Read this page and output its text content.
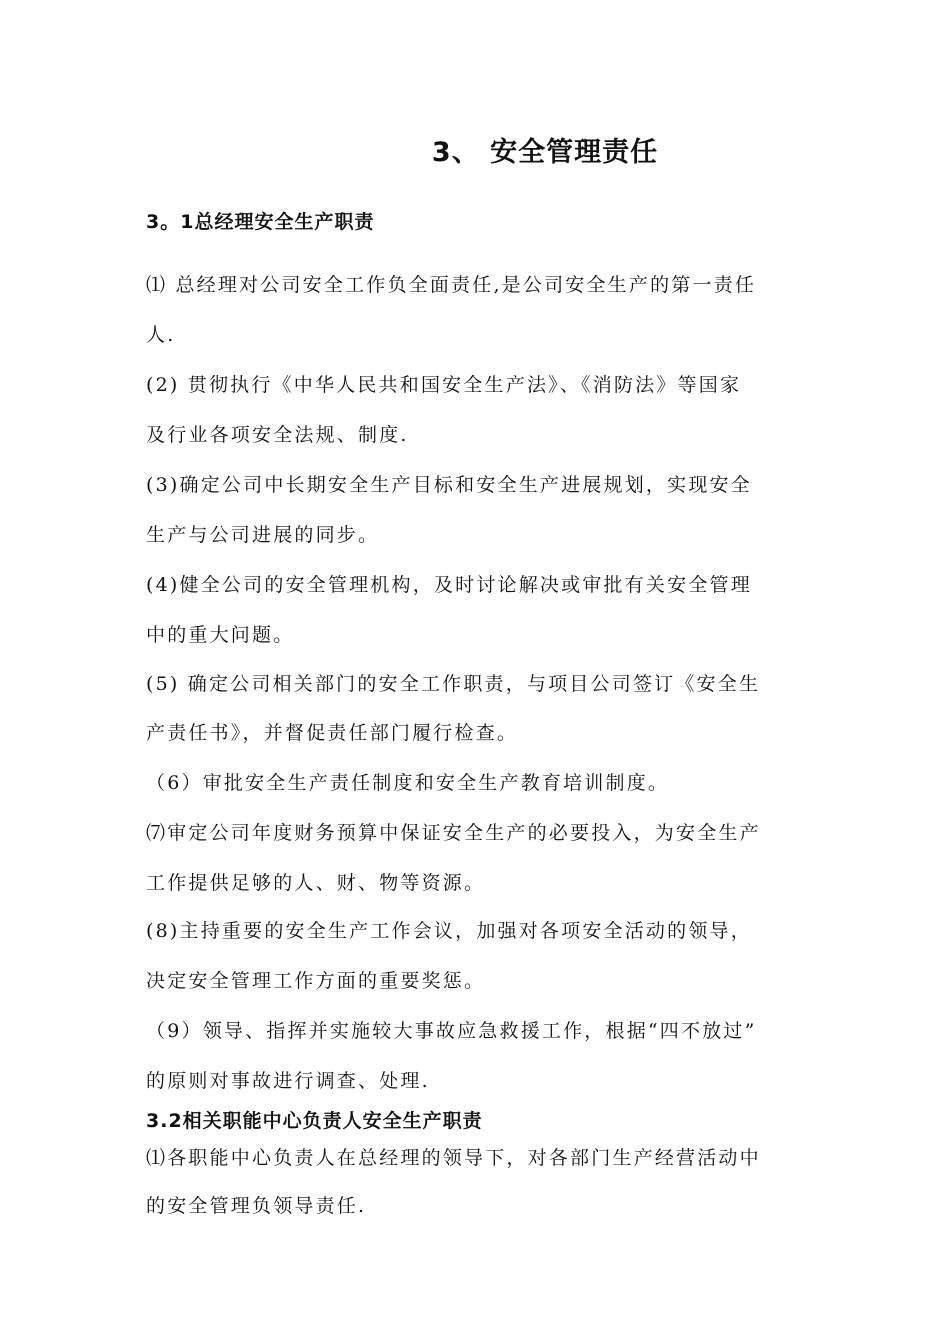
3、 安全管理责任
3。1总经理安全生产职责
⑴ 总经理对公司安全工作负全面责任,是公司安全生产的第一责任
人.
(2) 贯彻执行《中华人民共和国安全生产法》、《消防法》等国家
及行业各项安全法规、制度.
(3)确定公司中长期安全生产目标和安全生产进展规划，实现安全
生产与公司进展的同步。
(4)健全公司的安全管理机构，及时讨论解决或审批有关安全管理
中的重大问题。
(5) 确定公司相关部门的安全工作职责，与项目公司签订《安全生
产责任书》，并督促责任部门履行检查。
（6）审批安全生产责任制度和安全生产教育培训制度。
⑺审定公司年度财务预算中保证安全生产的必要投入，为安全生产
工作提供足够的人、财、物等资源。
(8)主持重要的安全生产工作会议，加强对各项安全活动的领导，
决定安全管理工作方面的重要奖惩。
（9）领导、指挥并实施较大事故应急救援工作，根据“四不放过”
的原则对事故进行调查、处理.
3.2相关职能中心负责人安全生产职责
⑴各职能中心负责人在总经理的领导下，对各部门生产经营活动中
的安全管理负领导责任.
